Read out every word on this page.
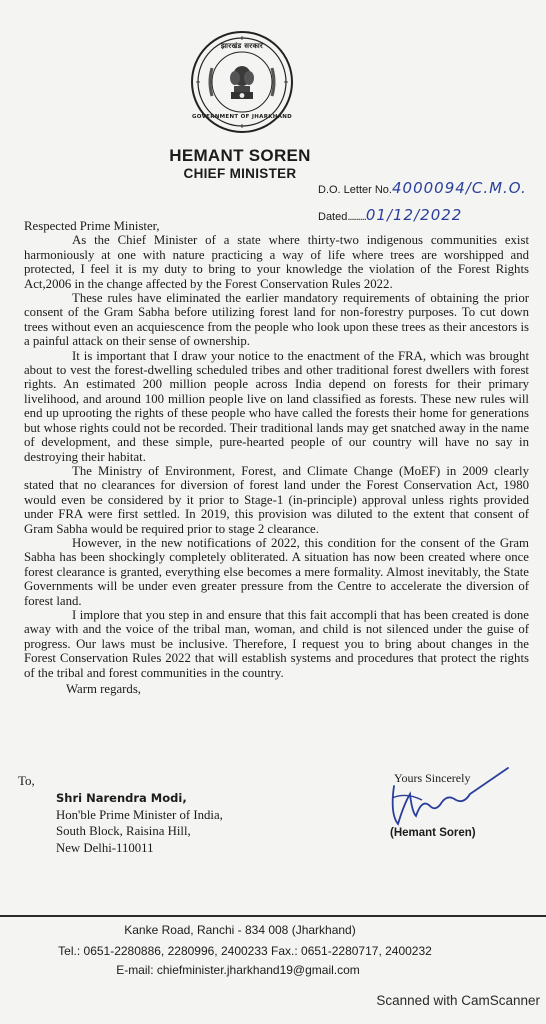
झारखंड सरकार
GOVERNMENT OF JHARKHAND
HEMANT SOREN
CHIEF MINISTER
D.O. Letter No.4000094/C.M.O.
Dated.........01/12/2022

Respected Prime Minister,

As the Chief Minister of a state where thirty-two indigenous communities exist harmoniously at one with nature practicing a way of life where trees are worshipped and protected, I feel it is my duty to bring to your knowledge the violation of the Forest Rights Act,2006 in the change affected by the Forest Conservation Rules 2022.

These rules have eliminated the earlier mandatory requirements of obtaining the prior consent of the Gram Sabha before utilizing forest land for non-forestry purposes. To cut down trees without even an acquiescence from the people who look upon these trees as their ancestors is a painful attack on their sense of ownership.

It is important that I draw your notice to the enactment of the FRA, which was brought about to vest the forest-dwelling scheduled tribes and other traditional forest dwellers with forest rights. An estimated 200 million people across India depend on forests for their primary livelihood, and around 100 million people live on land classified as forests. These new rules will end up uprooting the rights of these people who have called the forests their home for generations but whose rights could not be recorded. Their traditional lands may get snatched away in the name of development, and these simple, pure-hearted people of our country will have no say in destroying their habitat.

The Ministry of Environment, Forest, and Climate Change (MoEF) in 2009 clearly stated that no clearances for diversion of forest land under the Forest Conservation Act, 1980 would even be considered by it prior to Stage-1 (in-principle) approval unless rights provided under FRA were first settled. In 2019, this provision was diluted to the extent that consent of Gram Sabha would be required prior to stage 2 clearance.

However, in the new notifications of 2022, this condition for the consent of the Gram Sabha has been shockingly completely obliterated. A situation has now been created where once forest clearance is granted, everything else becomes a mere formality. Almost inevitably, the State Governments will be under even greater pressure from the Centre to accelerate the diversion of forest land.

I implore that you step in and ensure that this fait accompli that has been created is done away with and the voice of the tribal man, woman, and child is not silenced under the guise of progress. Our laws must be inclusive. Therefore, I request you to bring about changes in the Forest Conservation Rules 2022 that will establish systems and procedures that protect the rights of the tribal and forest communities in the country.

Warm regards,

To,
Shri Narendra Modi,
Hon'ble Prime Minister of India,
South Block, Raisina Hill,
New Delhi-110011
Yours Sincerely
(Hemant Soren)
Kanke Road, Ranchi - 834 008 (Jharkhand)
Tel.: 0651-2280886, 2280996, 2400233 Fax.: 0651-2280717, 2400232
E-mail: chiefminister.jharkhand19@gmail.com
Scanned with CamScanner
